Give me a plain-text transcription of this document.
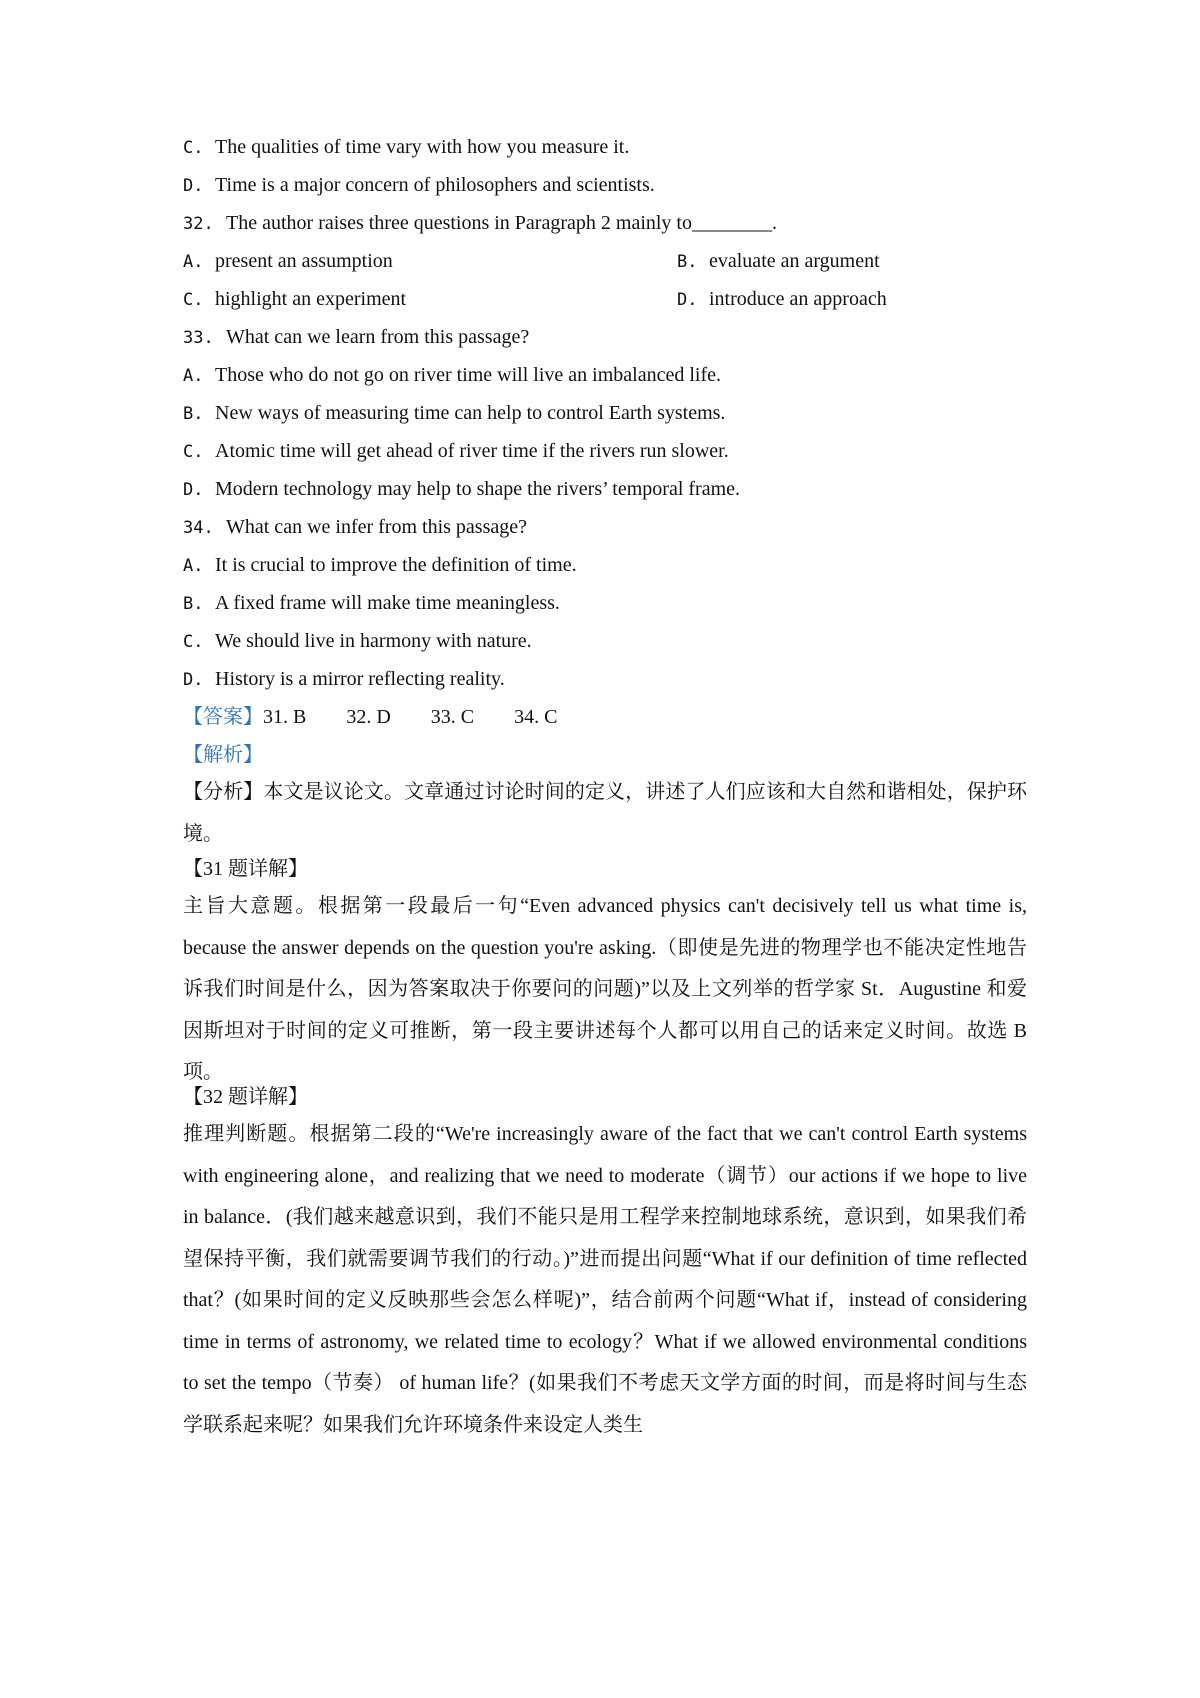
C. The qualities of time vary with how you measure it.
D. Time is a major concern of philosophers and scientists.
32. The author raises three questions in Paragraph 2 mainly to________.
A. present an assumption	B. evaluate an argument
C. highlight an experiment	D. introduce an approach
33. What can we learn from this passage?
A. Those who do not go on river time will live an imbalanced life.
B. New ways of measuring time can help to control Earth systems.
C. Atomic time will get ahead of river time if the rivers run slower.
D. Modern technology may help to shape the rivers’ temporal frame.
34. What can we infer from this passage?
A. It is crucial to improve the definition of time.
B. A fixed frame will make time meaningless.
C. We should live in harmony with nature.
D. History is a mirror reflecting reality.
【答案】31. B 32. D 33. C 34. C
【解析】

【分析】本文是议论文。文章通过讨论时间的定义，讲述了人们应该和大自然和谐相处，保护环境。

【31 题详解】

主旨大意题。根据第一段最后一句“Even advanced physics can't decisively tell us what time is, because the answer depends on the question you're asking.（即使是先进的物理学也不能决定性地告诉我们时间是什么，因为答案取决于你要问的问题)”以及上文列举的哲学家 St．Augustine 和爱因斯坦对于时间的定义可推断，第一段主要讲述每个人都可以用自己的话来定义时间。故选 B 项。

【32 题详解】

推理判断题。根据第二段的“We're increasingly aware of the fact that we can't control Earth systems with engineering alone，and realizing that we need to moderate（调节）our actions if we hope to live in balance．(我们越来越意识到，我们不能只是用工程学来控制地球系统，意识到，如果我们希望保持平衡，我们就需要调节我们的行动。)”进而提出问题“What if our definition of time reflected that？(如果时间的定义反映那些会怎么样呢)”，结合前两个问题“What if，instead of considering time in terms of astronomy, we related time to ecology？What if we allowed environmental conditions to set the tempo（节奏） of human life？(如果我们不考虑天文学方面的时间，而是将时间与生态学联系起来呢？如果我们允许环境条件来设定人类生
